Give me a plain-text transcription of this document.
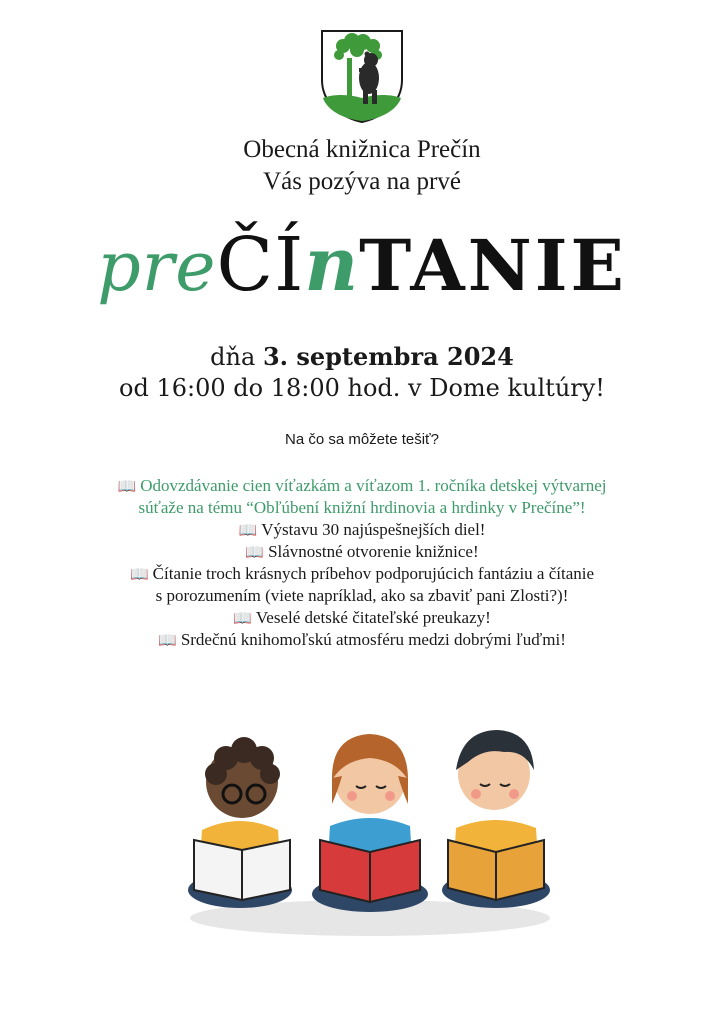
Obecná knižnica Prečín
Vás pozýva na prvé
preČÍnTANIE
dňa 3. septembra 2024
od 16:00 do 18:00 hod. v Dome kultúry!
Na čo sa môžete tešiť?
📖 Odovzdávanie cien víťazkám a víťazom 1. ročníka detskej výtvarnej
súťaže na tému “Obľúbení knižní hrdinovia a hrdinky v Prečíne”!
📖 Výstavu 30 najúspešnejších diel!
📖 Slávnostné otvorenie knižnice!
📖 Čítanie troch krásnych príbehov podporujúcich fantáziu a čítanie
s porozumením (viete napríklad, ako sa zbaviť pani Zlosti?)!
📖 Veselé detské čitateľské preukazy!
📖 Srdečnú knihomoľskú atmosféru medzi dobrými ľuďmi!
